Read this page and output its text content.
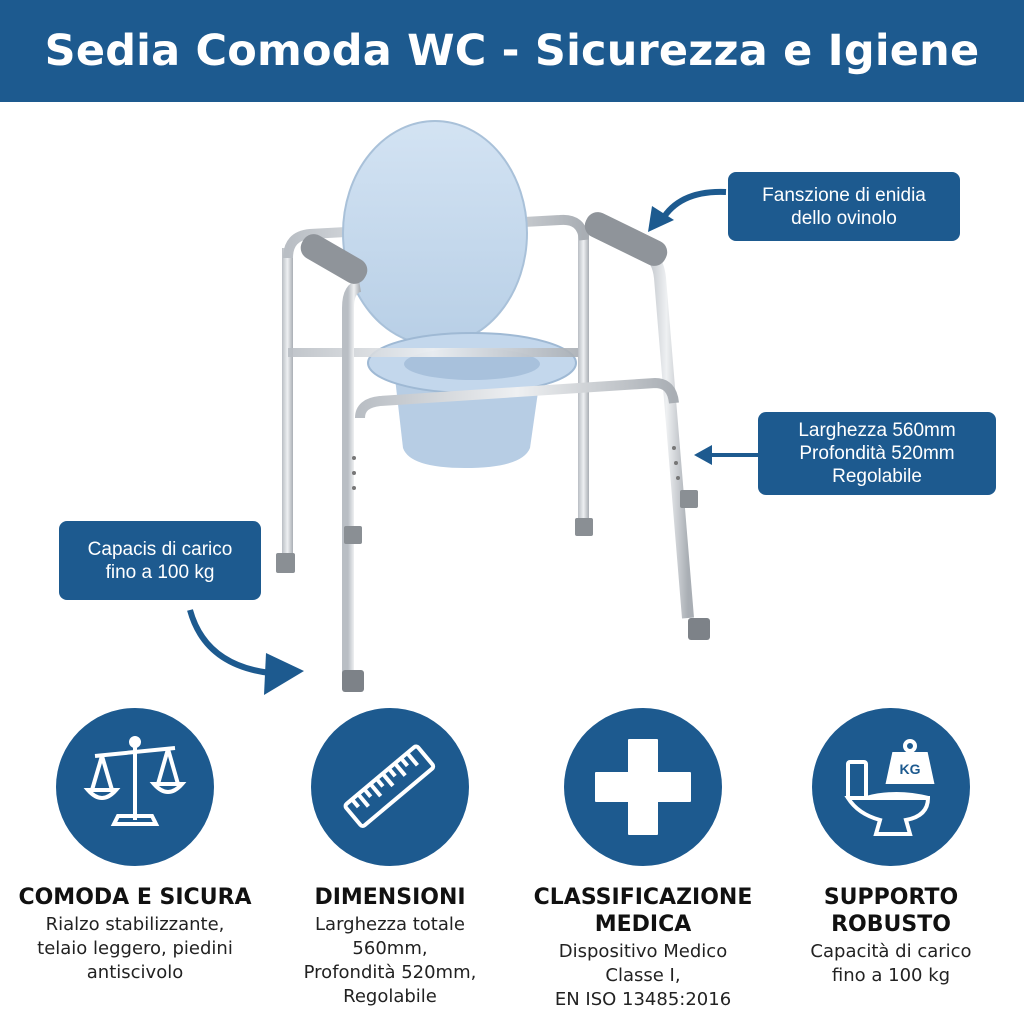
Sedia Comoda WC - Sicurezza e Igiene
Fanszione di enidia
dello ovinolo
Larghezza 560mm
Profondità 520mm
Regolabile
Capacis di carico
fino a 100 kg
COMODA E SICURA
Rialzo stabilizzante,
telaio leggero, piedini
antiscivolo
DIMENSIONI
Larghezza totale
560mm,
Profondità 520mm,
Regolabile
CLASSIFICAZIONE
MEDICA
Dispositivo Medico
Classe I,
EN ISO 13485:2016
KG
SUPPORTO
ROBUSTO
Capacità di carico
fino a 100 kg
